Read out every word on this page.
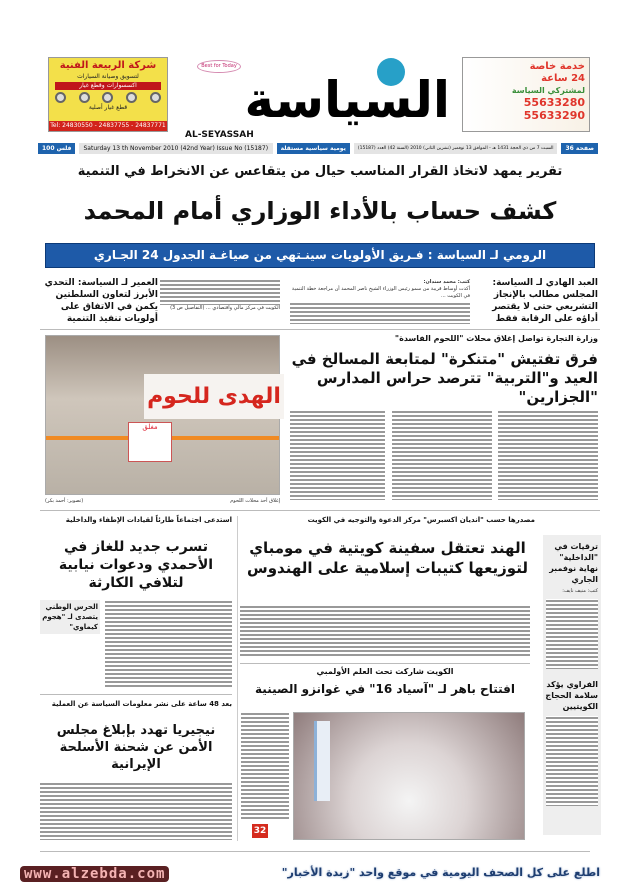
شركة الربيعة الفنية
لتسويق وصيانة السيارات
اكسسوارات وقطع غيار
قطع غيار أصلية
Tel: 24830550 - 24837755 - 24837771
Best for Today
السياسة
AL-SEYASSAH
خدمة خاصة
24 ساعة
لمشتركي السياسة
55633280
55633290
100 فلس	Saturday 13 th November 2010 (42nd Year) Issue No (15187)	يومية سياسية مستقلة	السبت 7 من ذي الحجة 1431 هـ - الموافق 13 نوفمبر (تشرين الثاني) 2010 (السنة 42) العدد (15187)	36 صفحة
تقرير يمهد لاتخاذ القرار المناسب حيال من يتقاعس عن الانخراط في التنمية
كشف حساب بالأداء الوزاري أمام المحمد
الرومي لـ السياسة : فـريق الأولويات سينـتهي من صياغـة الجدول 24 الجـاري
العبد الهادي لـ السياسة: المجلس مطالب بالإنجاز التشريعي حتى لا يقتصر أداؤه على الرقابة فقط
كتب: محمد سندان:
أكدت أوساط قريبة من سمو رئيس الوزراء الشيخ ناصر المحمد أن مراجعة خطة التنمية في الكويت ...
الكويت في مركز مالي واقتصادي ... (التفاصيل ص 3)
العمير لـ السياسة: التحدي الأبرز لتعاون السلطتين يكمن في الاتفاق على أولويات تنفيذ التنمية
الهدى للحوم
مغلق
(تصوير: أحمد بكر)	إغلاق أحد محلات اللحوم
وزارة التجارة تواصل إغلاق محلات "اللحوم الفاسدة"
فرق تفتيش "متنكرة" لمتابعة المسالخ في العيد و"التربية" تترصد حراس المدارس "الجزارين"
ترقيات في "الداخلية" نهاية نوفمبر الجاري
كتب: منيف نايف:
الفراوي يؤكد سلامة الحجاج الكويتيين
مصدرها حسب "انديان اكسبرس" مركز الدعوة والتوجيه في الكويت
الهند تعتقل سفينة كويتية في مومباي لتوزيعها كتيبات إسلامية على الهندوس
استدعى اجتماعاً طارئاً لقيادات الإطفاء والداخلية
تسرب جديد للغاز في الأحمدي ودعوات نيابية لتلافي الكارثة
الحرس الوطني يتصدى لـ "هجوم كيماوي"
الكويت شاركت تحت العلم الأولمبي
افتتاح باهر لـ "آسياد 16" في غوانزو الصينية
32
بعد 48 ساعة على نشر معلومات السياسة عن العملية
نيجيريا تهدد بإبلاغ مجلس الأمن عن شحنة الأسلحة الإيرانية
www.alzebda.com	اطلع على كل الصحف اليومية في موقع واحد "زبدة الأخبار"
